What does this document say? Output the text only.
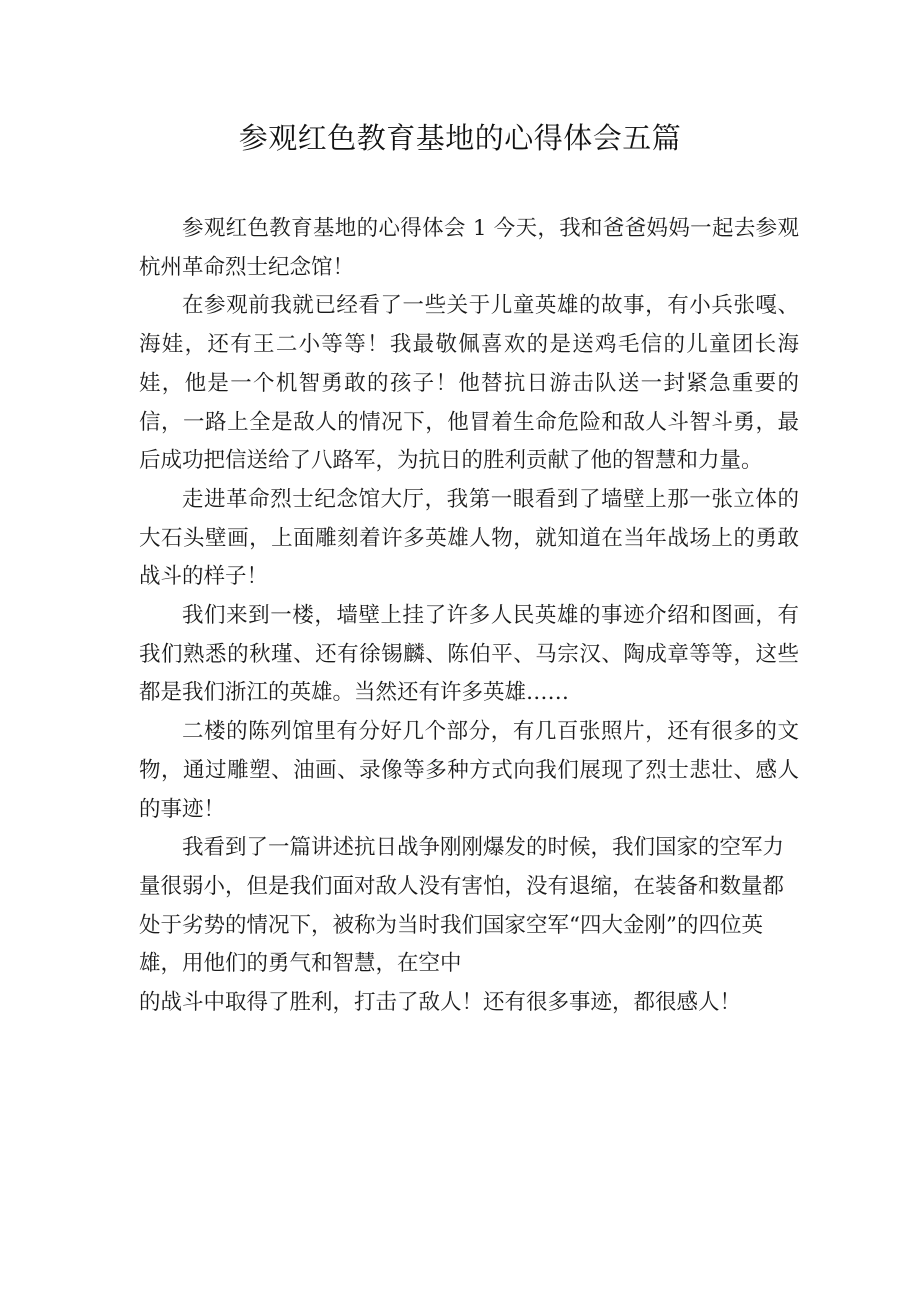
参观红色教育基地的心得体会五篇

参观红色教育基地的心得体会 1 今天，我和爸爸妈妈一起去参观杭州革命烈士纪念馆！

在参观前我就已经看了一些关于儿童英雄的故事，有小兵张嘎、海娃，还有王二小等等！我最敬佩喜欢的是送鸡毛信的儿童团长海娃，他是一个机智勇敢的孩子！他替抗日游击队送一封紧急重要的信，一路上全是敌人的情况下，他冒着生命危险和敌人斗智斗勇，最后成功把信送给了八路军，为抗日的胜利贡献了他的智慧和力量。

走进革命烈士纪念馆大厅，我第一眼看到了墙壁上那一张立体的大石头壁画，上面雕刻着许多英雄人物，就知道在当年战场上的勇敢战斗的样子！

我们来到一楼，墙壁上挂了许多人民英雄的事迹介绍和图画，有我们熟悉的秋瑾、还有徐锡麟、陈伯平、马宗汉、陶成章等等，这些都是我们浙江的英雄。当然还有许多英雄……

二楼的陈列馆里有分好几个部分，有几百张照片，还有很多的文物，通过雕塑、油画、录像等多种方式向我们展现了烈士悲壮、感人的事迹！

我看到了一篇讲述抗日战争刚刚爆发的时候，我们国家的空军力量很弱小，但是我们面对敌人没有害怕，没有退缩，在装备和数量都处于劣势的情况下，被称为当时我们国家空军“四大金刚”的四位英雄，用他们的勇气和智慧，在空中

的战斗中取得了胜利，打击了敌人！还有很多事迹，都很感人！
